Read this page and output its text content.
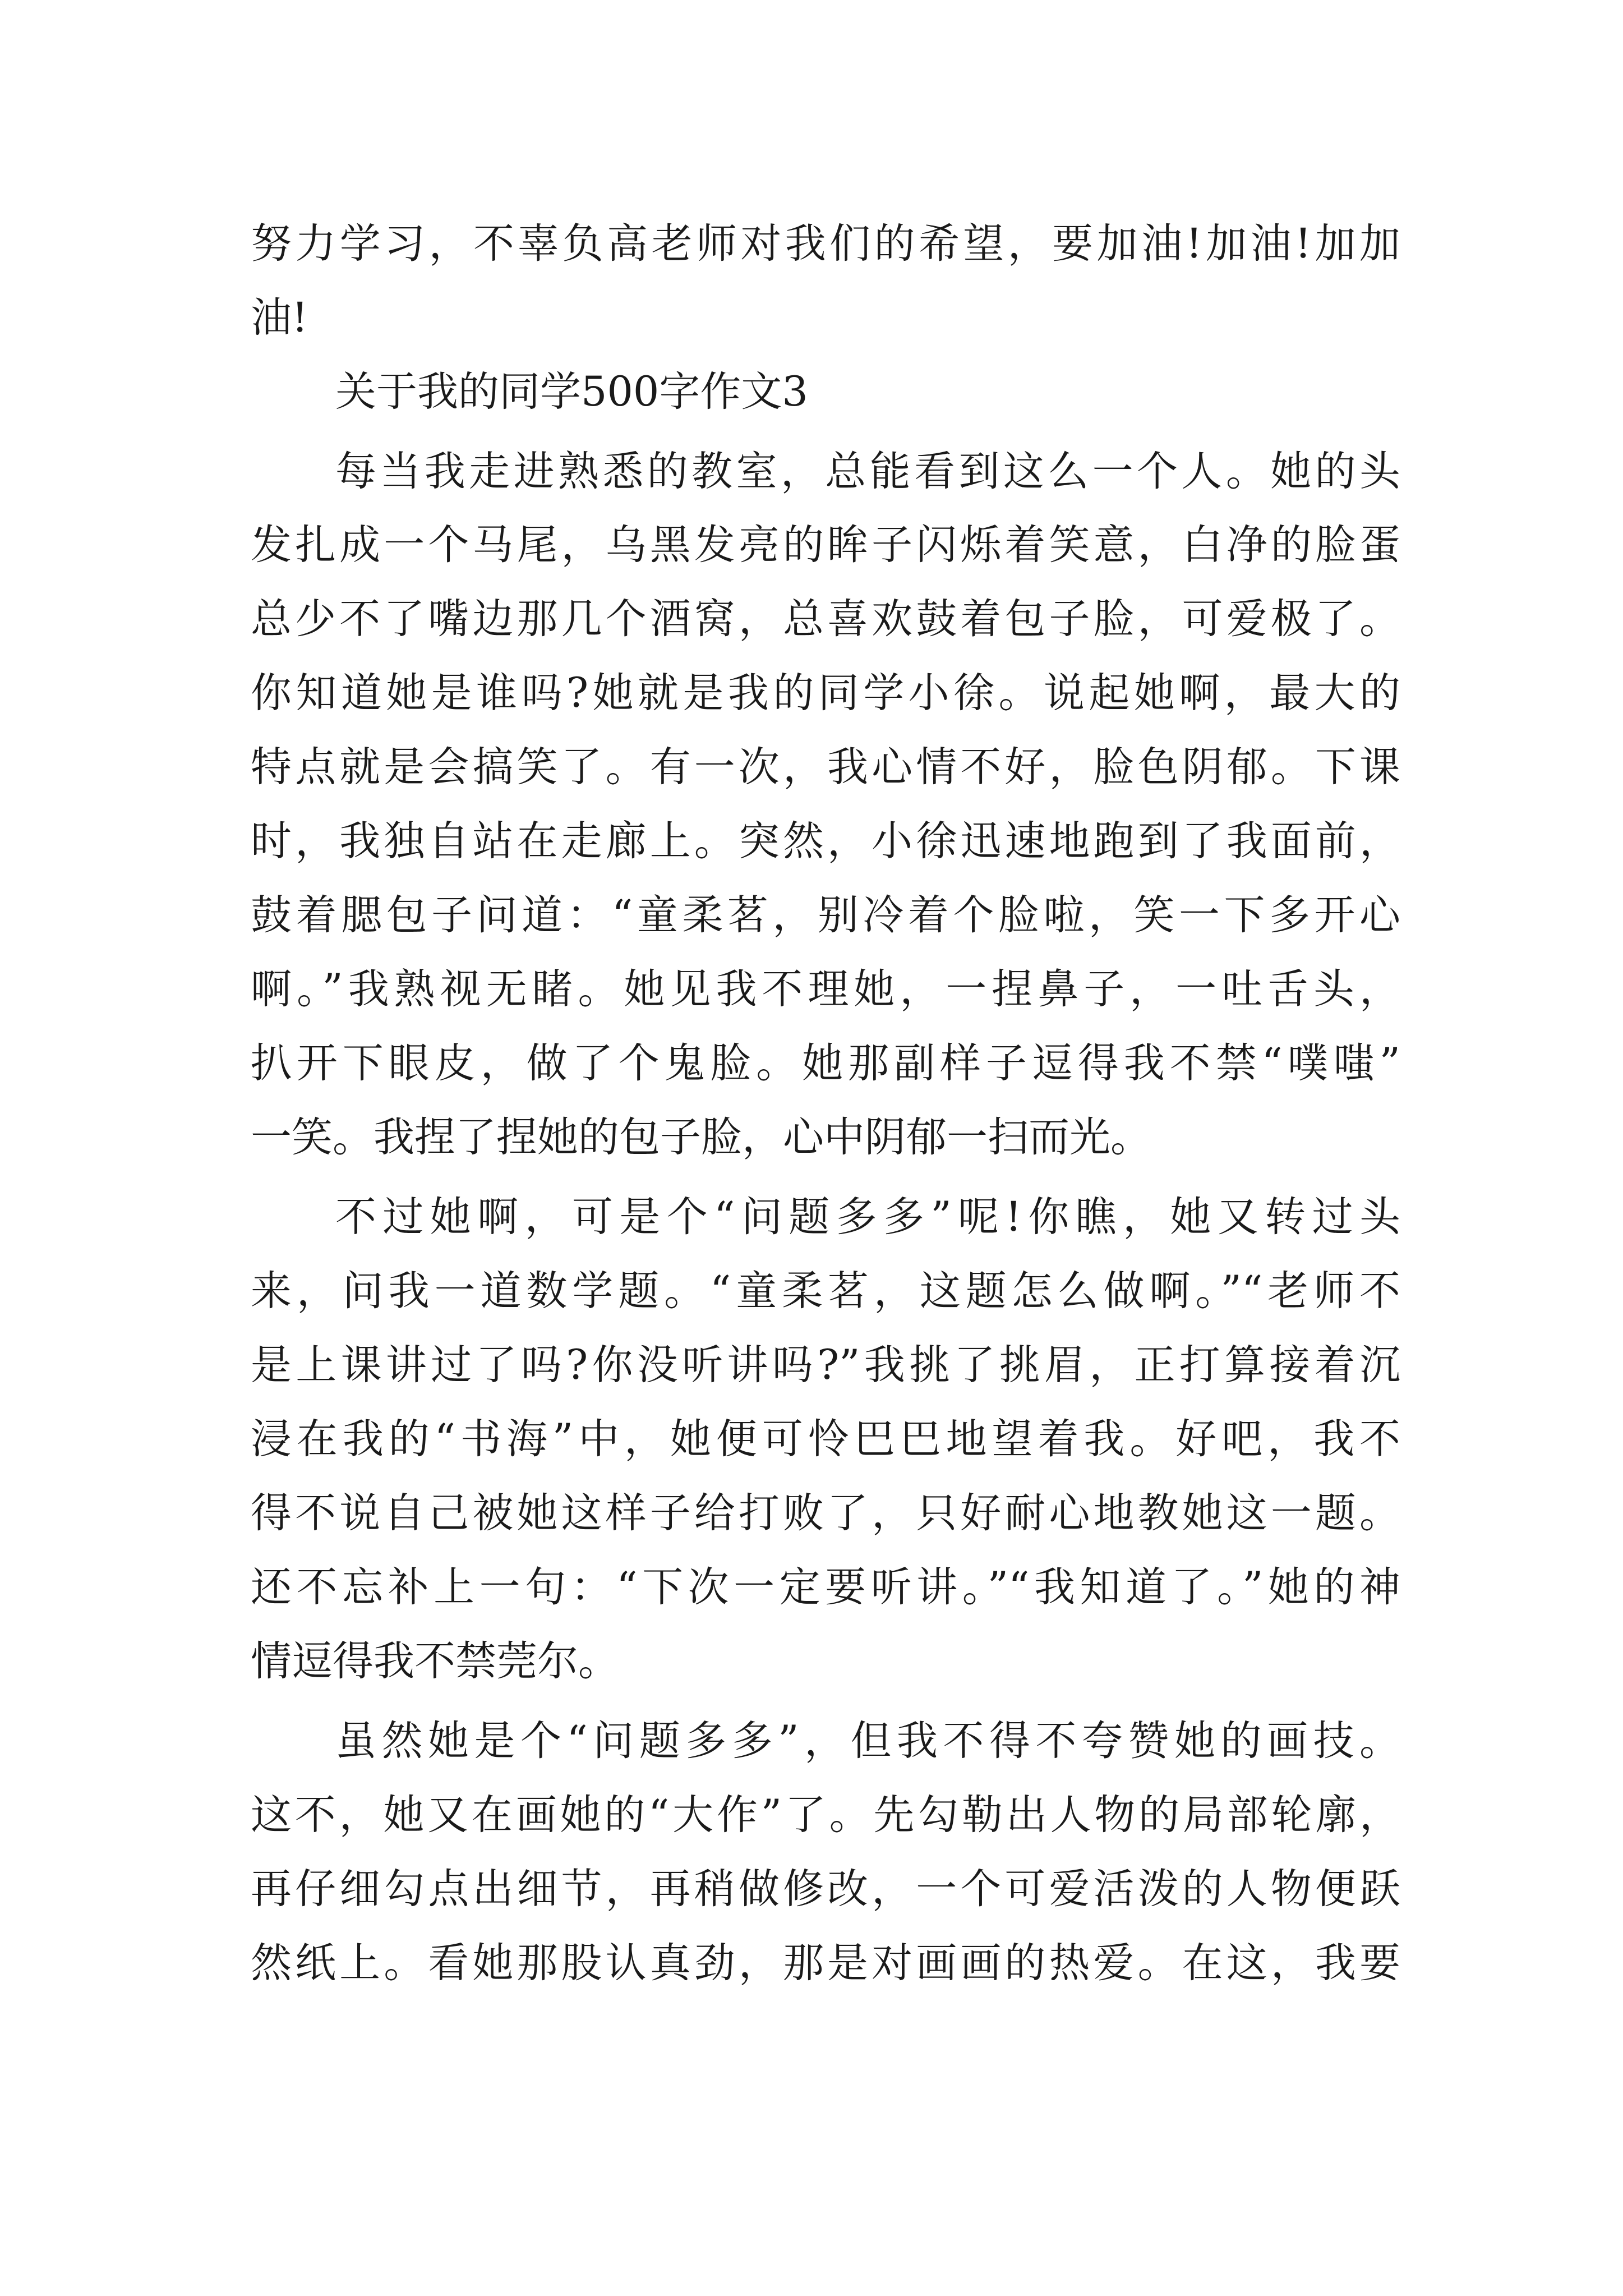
努力学习，不辜负高老师对我们的希望，要加油!加油!加加
油!
关于我的同学500字作文3
每当我走进熟悉的教室，总能看到这么一个人。她的头
发扎成一个马尾，乌黑发亮的眸子闪烁着笑意，白净的脸蛋
总少不了嘴边那几个酒窝，总喜欢鼓着包子脸，可爱极了。
你知道她是谁吗?她就是我的同学小徐。说起她啊，最大的
特点就是会搞笑了。有一次，我心情不好，脸色阴郁。下课
时，我独自站在走廊上。突然，小徐迅速地跑到了我面前，
鼓着腮包子问道：“童柔茗，别冷着个脸啦，笑一下多开心
啊。”我熟视无睹。她见我不理她，一捏鼻子，一吐舌头，
扒开下眼皮，做了个鬼脸。她那副样子逗得我不禁“噗嗤”
一笑。我捏了捏她的包子脸，心中阴郁一扫而光。
不过她啊，可是个“问题多多”呢!你瞧，她又转过头
来，问我一道数学题。“童柔茗，这题怎么做啊。”“老师不
是上课讲过了吗?你没听讲吗?”我挑了挑眉，正打算接着沉
浸在我的“书海”中，她便可怜巴巴地望着我。好吧，我不
得不说自己被她这样子给打败了，只好耐心地教她这一题。
还不忘补上一句：“下次一定要听讲。”“我知道了。”她的神
情逗得我不禁莞尔。
虽然她是个“问题多多”，但我不得不夸赞她的画技。
这不，她又在画她的“大作”了。先勾勒出人物的局部轮廓，
再仔细勾点出细节，再稍做修改，一个可爱活泼的人物便跃
然纸上。看她那股认真劲，那是对画画的热爱。在这，我要
